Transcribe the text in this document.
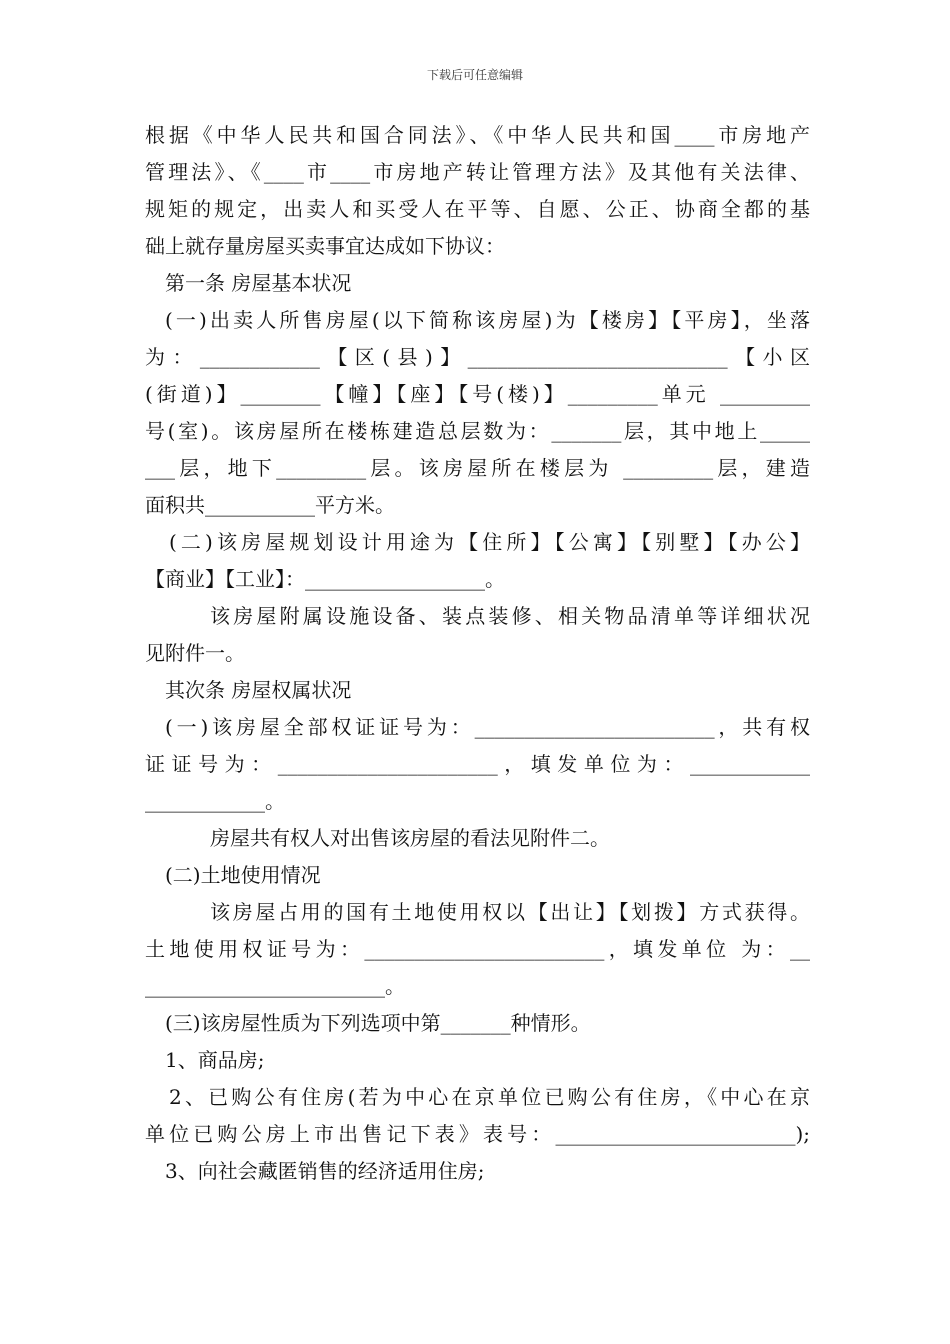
下载后可任意编辑
根据《中华人民共和国合同法》、《中华人民共和国____市房地产
管理法》、《____市____市房地产转让管理方法》及其他有关法律、
规矩的规定，出卖人和买受人在平等、自愿、公正、协商全都的基
础上就存量房屋买卖事宜达成如下协议：
第一条 房屋基本状况
(一)出卖人所售房屋(以下简称该房屋)为【楼房】【平房】，坐落
为：____________【区(县)】__________________________【小区
(街道)】________【幢】【座】【号(楼)】_________单元 _________
号(室)。该房屋所在楼栋建造总层数为：_______层，其中地上_____
___层，地下_________层。该房屋所在楼层为 _________层，建造
面积共___________平方米。
(二)该房屋规划设计用途为【住所】【公寓】【别墅】【办公】
【商业】【工业】：__________________。
该房屋附属设施设备、装点装修、相关物品清单等详细状况
见附件一。
其次条 房屋权属状况
(一)该房屋全部权证证号为：________________________，共有权
证证号为：______________________，填发单位为：____________
____________。
房屋共有权人对出售该房屋的看法见附件二。
(二)土地使用情况
该房屋占用的国有土地使用权以【出让】【划拨】方式获得。
土地使用权证号为：________________________，填发单位 为：__
________________________。
(三)该房屋性质为下列选项中第_______种情形。
1、商品房;
2、已购公有住房(若为中心在京单位已购公有住房，《中心在京
单位已购公房上市出售记下表》表号：________________________);
3、向社会藏匿销售的经济适用住房;
